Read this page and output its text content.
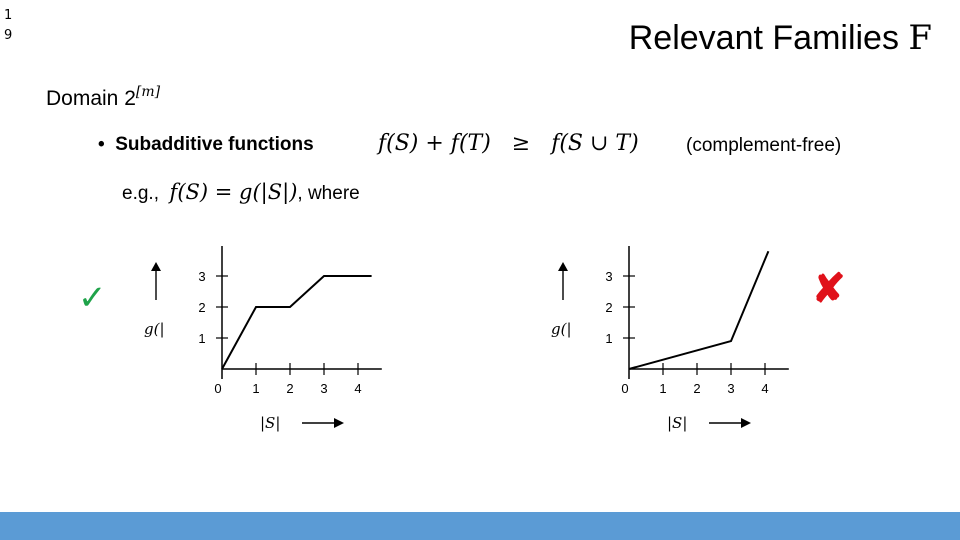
1
9	Relevant Families F
Domain 2[m]
• Subadditive functions	f(S) + f(T) ≥ f(S ∪ T) (complement-free)
e.g., f(S) = g(|S|), where
✓	✘
1
2
3
0 1 2 3 4
g(|
|S|
1
2
3
0 1 2 3 4
g(|
|S|
